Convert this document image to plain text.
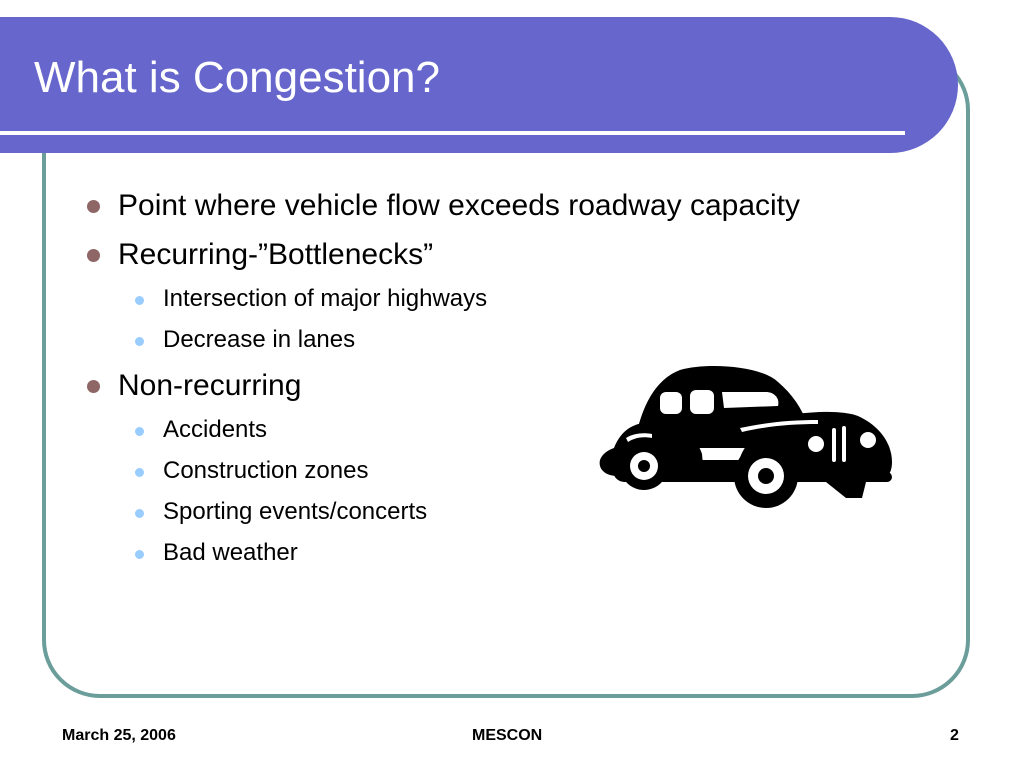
What is Congestion?
Point where vehicle flow exceeds roadway capacity
Recurring-”Bottlenecks”
Intersection of major highways
Decrease in lanes
Non-recurring
Accidents
Construction zones
Sporting events/concerts
Bad weather
March 25, 2006	MESCON	2
